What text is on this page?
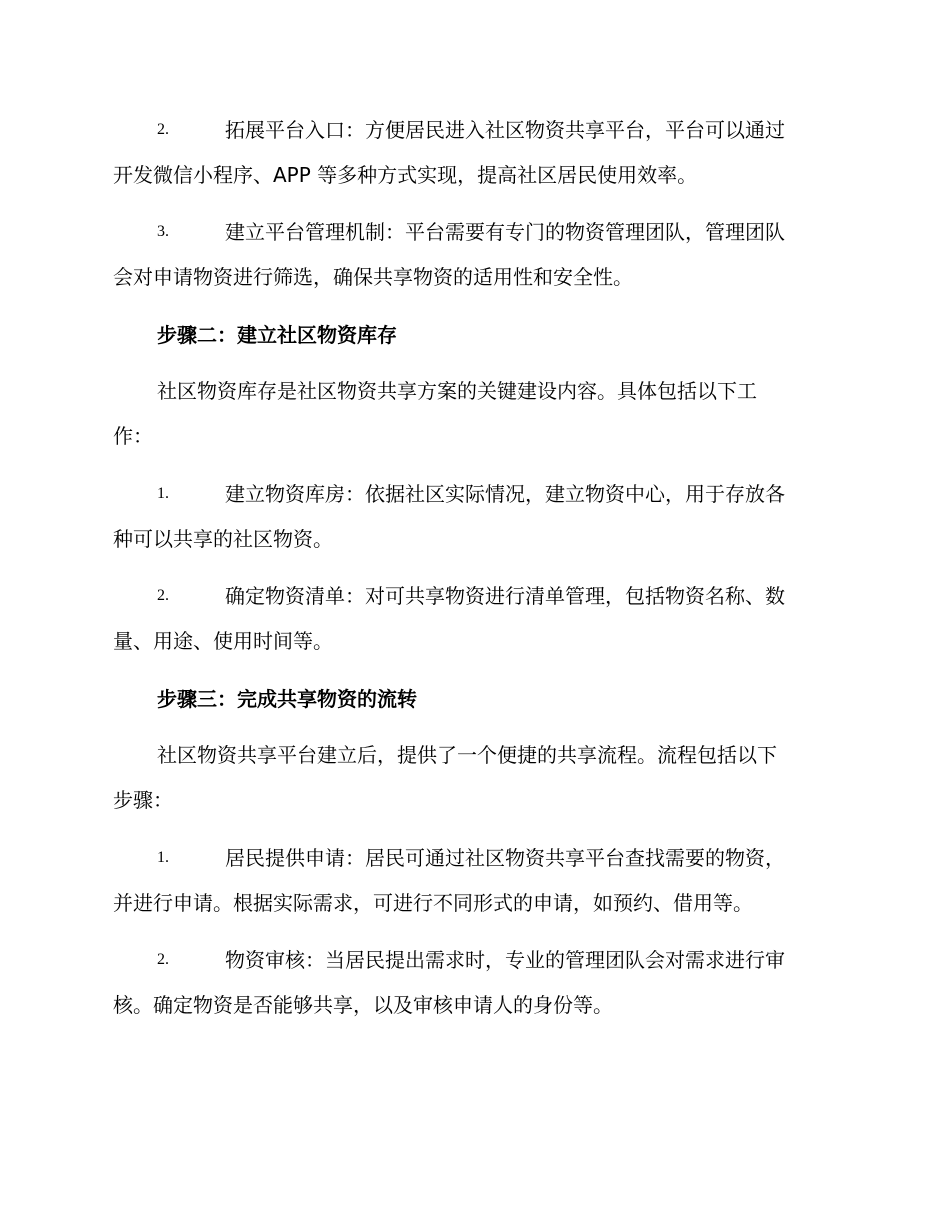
2.	拓展平台入口：方便居民进入社区物资共享平台，平台可以通过
开发微信小程序、APP 等多种方式实现，提高社区居民使用效率。
3.	建立平台管理机制：平台需要有专门的物资管理团队，管理团队
会对申请物资进行筛选，确保共享物资的适用性和安全性。
步骤二：建立社区物资库存
社区物资库存是社区物资共享方案的关键建设内容。具体包括以下工
作：
1.	建立物资库房：依据社区实际情况，建立物资中心，用于存放各
种可以共享的社区物资。
2.	确定物资清单：对可共享物资进行清单管理，包括物资名称、数
量、用途、使用时间等。
步骤三：完成共享物资的流转
社区物资共享平台建立后，提供了一个便捷的共享流程。流程包括以下
步骤：
1.	居民提供申请：居民可通过社区物资共享平台查找需要的物资，
并进行申请。根据实际需求，可进行不同形式的申请，如预约、借用等。
2.	物资审核：当居民提出需求时，专业的管理团队会对需求进行审
核。确定物资是否能够共享，以及审核申请人的身份等。
